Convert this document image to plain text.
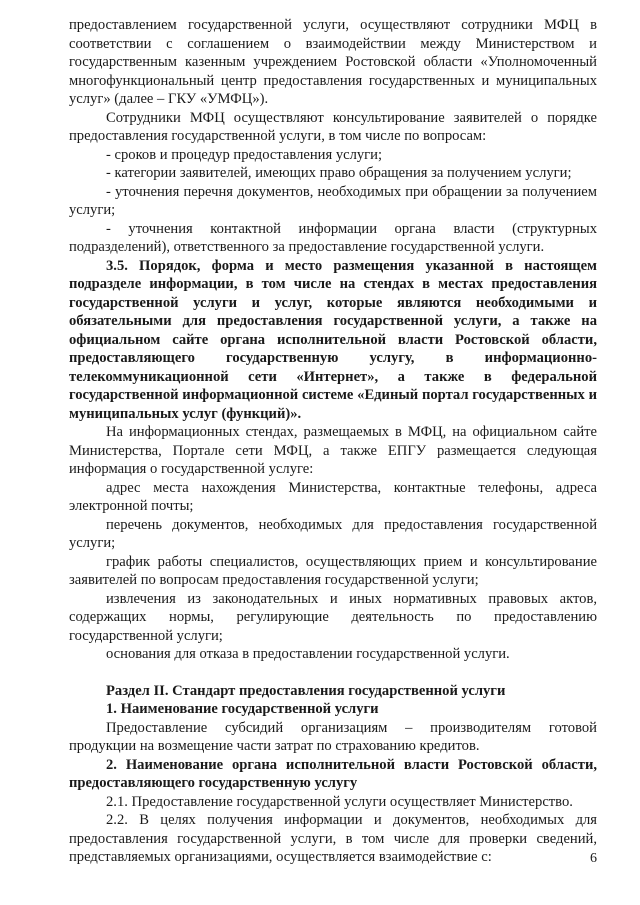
предоставлением государственной услуги, осуществляют сотрудники МФЦ в соответствии с соглашением о взаимодействии между Министерством и государственным казенным учреждением Ростовской области «Уполномоченный многофункциональный центр предоставления государственных и муниципальных услуг» (далее – ГКУ «УМФЦ»).

Сотрудники МФЦ осуществляют консультирование заявителей о порядке предоставления государственной услуги, в том числе по вопросам:

- сроков и процедур предоставления услуги;

- категории заявителей, имеющих право обращения за получением услуги;

- уточнения перечня документов, необходимых при обращении за получением услуги;

- уточнения контактной информации органа власти (структурных подразделений), ответственного за предоставление государственной услуги.

3.5. Порядок, форма и место размещения указанной в настоящем подразделе информации, в том числе на стендах в местах предоставления государственной услуги и услуг, которые являются необходимыми и обязательными для предоставления государственной услуги, а также на официальном сайте органа исполнительной власти Ростовской области, предоставляющего государственную услугу, в информационно-телекоммуникационной сети «Интернет», а также в федеральной государственной информационной системе «Единый портал государственных и муниципальных услуг (функций)».

На информационных стендах, размещаемых в МФЦ, на официальном сайте Министерства, Портале сети МФЦ, а также ЕПГУ размещается следующая информация о государственной услуге:

адрес места нахождения Министерства, контактные телефоны, адреса электронной почты;

перечень документов, необходимых для предоставления государственной услуги;

график работы специалистов, осуществляющих прием и консультирование заявителей по вопросам предоставления государственной услуги;

извлечения из законодательных и иных нормативных правовых актов, содержащих нормы, регулирующие деятельность по предоставлению государственной услуги;

основания для отказа в предоставлении государственной услуги.

Раздел II. Стандарт предоставления государственной услуги

1. Наименование государственной услуги

Предоставление субсидий организациям – производителям готовой продукции на возмещение части затрат по страхованию кредитов.

2. Наименование органа исполнительной власти Ростовской области, предоставляющего государственную услугу

2.1. Предоставление государственной услуги осуществляет Министерство.

2.2. В целях получения информации и документов, необходимых для предоставления государственной услуги, в том числе для проверки сведений, представляемых организациями, осуществляется взаимодействие с:	6
